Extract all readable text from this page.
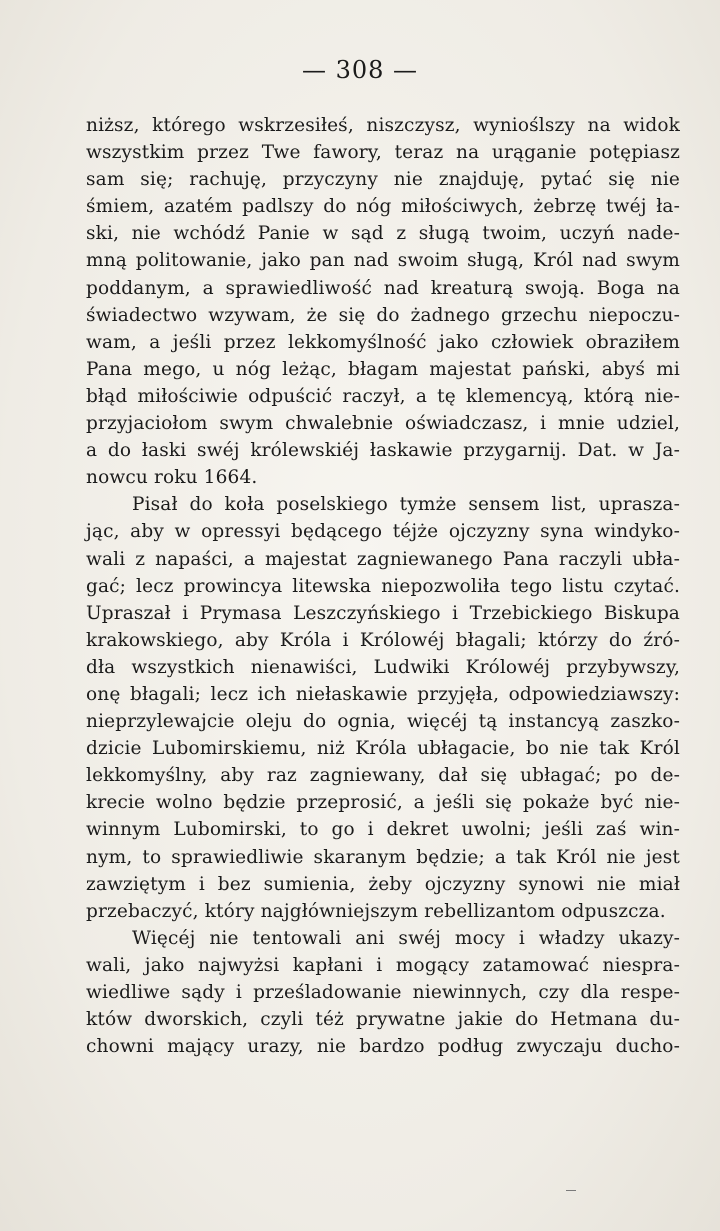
— 308 —
niższ, którego wskrzesiłeś, niszczysz, wynioślszy na widok
wszystkim przez Twe fawory, teraz na urąganie potępiasz
sam się; rachuję, przyczyny nie znajduję, pytać się nie
śmiem, azatém padlszy do nóg miłościwych, żebrzę twéj ła-
ski, nie wchódź Panie w sąd z sługą twoim, uczyń nade-
mną politowanie, jako pan nad swoim sługą, Król nad swym
poddanym, a sprawiedliwość nad kreaturą swoją. Boga na
świadectwo wzywam, że się do żadnego grzechu niepoczu-
wam, a jeśli przez lekkomyślność jako człowiek obraziłem
Pana mego, u nóg leżąc, błagam majestat pański, abyś mi
błąd miłościwie odpuścić raczył, a tę klemencyą, którą nie-
przyjaciołom swym chwalebnie oświadczasz, i mnie udziel,
a do łaski swéj królewskiéj łaskawie przygarnij. Dat. w Ja-
nowcu roku 1664.
Pisał do koła poselskiego tymże sensem list, upraszа-
jąc, aby w opressyi będącego téjże ojczyzny syna windyko-
wali z napaści, a majestat zagniewanego Pana raczyli ubła-
gać; lecz prowincya litewska niepozwoliła tego listu czytać.
Upraszał i Prymasa Leszczyńskiego i Trzebickiego Biskupa
krakowskiego, aby Króla i Królowéj błagali; którzy do źró-
dła wszystkich nienawiści, Ludwiki Królowéj przybywszy,
onę błagali; lecz ich niełaskawie przyjęła, odpowiedziawszy:
nieprzylewajcie oleju do ognia, więcéj tą instancyą zaszko-
dzicie Lubomirskiemu, niż Króla ubłagacie, bo nie tak Król
lekkomyślny, aby raz zagniewany, dał się ubłagać; po de-
krecie wolno będzie przeprosić, a jeśli się pokaże być nie-
winnym Lubomirski, to go i dekret uwolni; jeśli zaś win-
nym, to sprawiedliwie skaranym będzie; a tak Król nie jest
zawziętym i bez sumienia, żeby ojczyzny synowi nie miał
przebaczyć, który najgłówniejszym rebellizantom odpuszcza.
Więcéj nie tentowali ani swéj mocy i władzy ukazy-
wali, jako najwyżsi kapłani i mogący zatamować niespra-
wiedliwe sądy i prześladowanie niewinnych, czy dla respe-
któw dworskich, czyli téż prywatne jakie do Hetmana du-
chowni mający urazy, nie bardzo podług zwyczaju ducho-
